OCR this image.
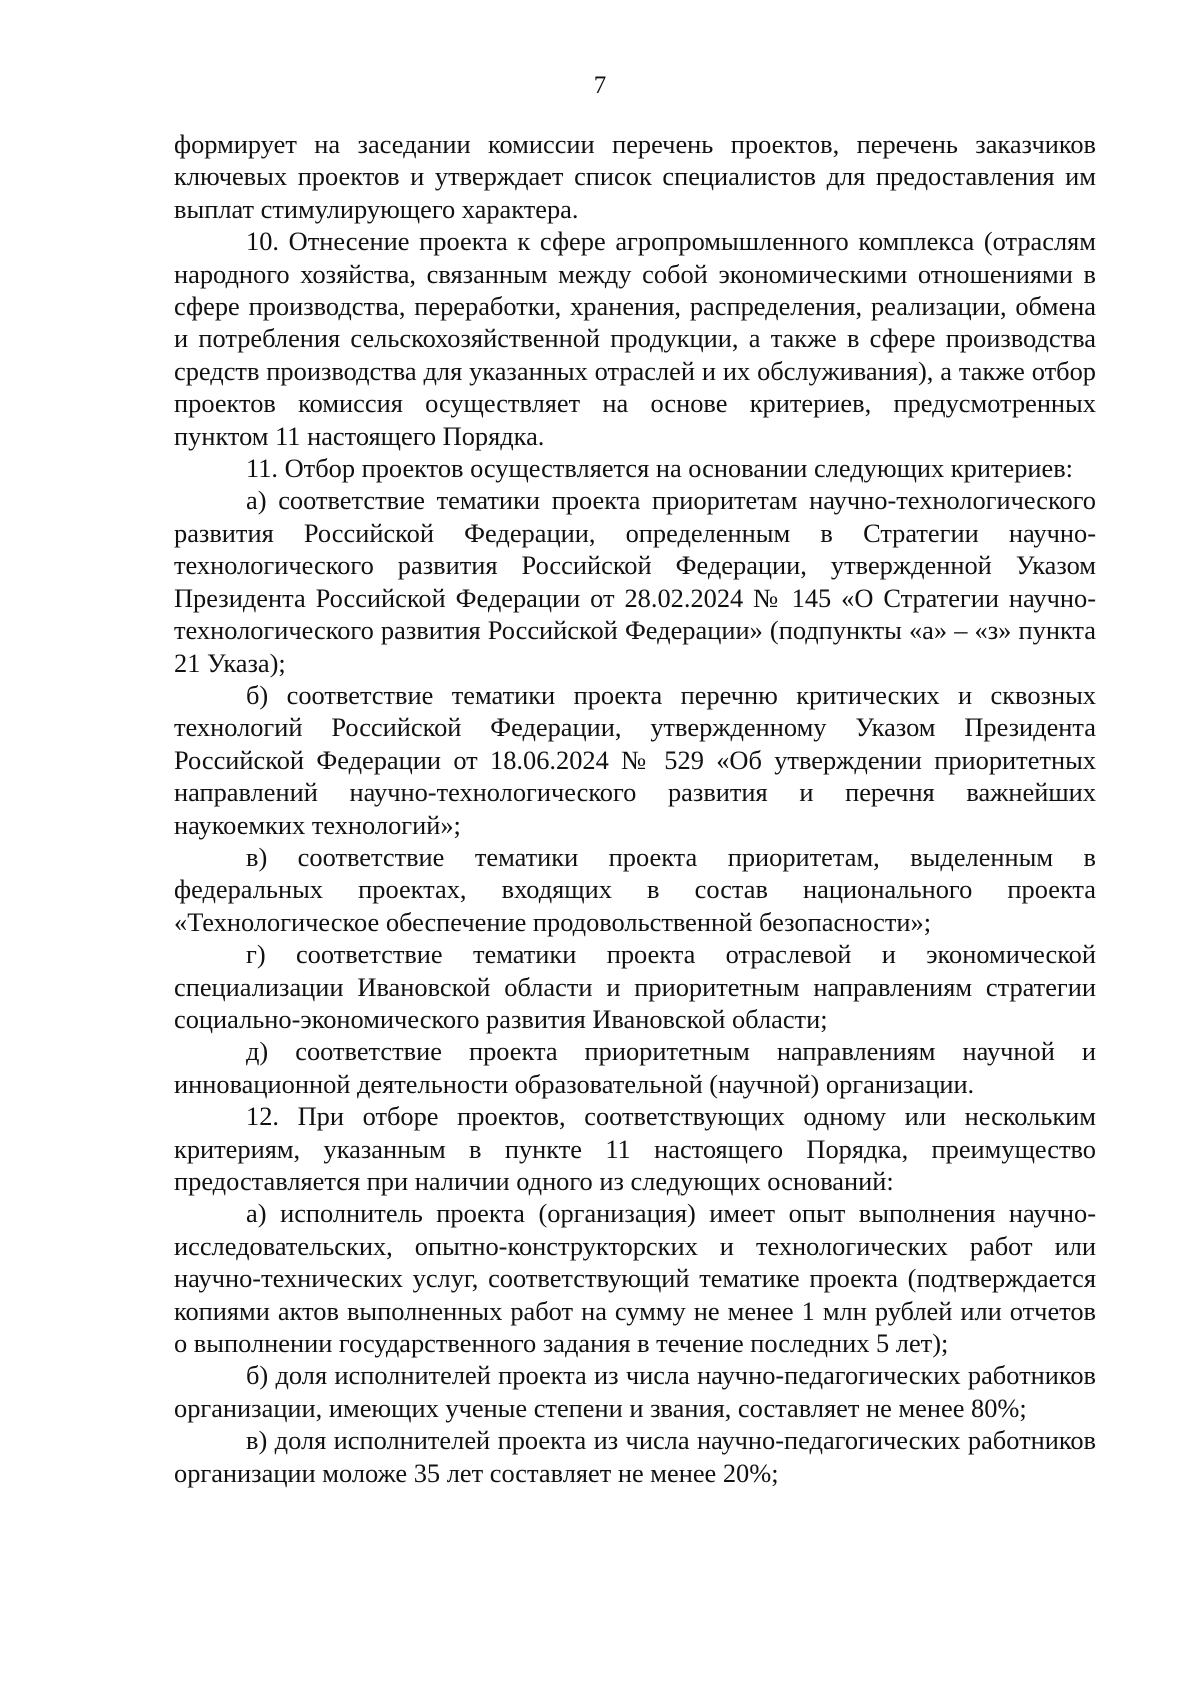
7

формирует на заседании комиссии перечень проектов, перечень заказчиков ключевых проектов и утверждает список специалистов для предоставления им выплат стимулирующего характера.

10. Отнесение проекта к сфере агропромышленного комплекса (отраслям народного хозяйства, связанным между собой экономическими отношениями в сфере производства, переработки, хранения, распределения, реализации, обмена и потребления сельскохозяйственной продукции, а также в сфере производства средств производства для указанных отраслей и их обслуживания), а также отбор проектов комиссия осуществляет на основе критериев, предусмотренных пунктом 11 настоящего Порядка.

11. Отбор проектов осуществляется на основании следующих критериев:

а) соответствие тематики проекта приоритетам научно-технологического развития Российской Федерации, определенным в Стратегии научно-технологического развития Российской Федерации, утвержденной Указом Президента Российской Федерации от 28.02.2024 № 145 «О Стратегии научно-технологического развития Российской Федерации» (подпункты «а» – «з» пункта 21 Указа);

б) соответствие тематики проекта перечню критических и сквозных технологий Российской Федерации, утвержденному Указом Президента Российской Федерации от 18.06.2024 № 529 «Об утверждении приоритетных направлений научно-технологического развития и перечня важнейших наукоемких технологий»;

в) соответствие тематики проекта приоритетам, выделенным в федеральных проектах, входящих в состав национального проекта «Технологическое обеспечение продовольственной безопасности»;

г) соответствие тематики проекта отраслевой и экономической специализации Ивановской области и приоритетным направлениям стратегии социально-экономического развития Ивановской области;

д) соответствие проекта приоритетным направлениям научной и инновационной деятельности образовательной (научной) организации.

12. При отборе проектов, соответствующих одному или нескольким критериям, указанным в пункте 11 настоящего Порядка, преимущество предоставляется при наличии одного из следующих оснований:

а) исполнитель проекта (организация) имеет опыт выполнения научно-исследовательских, опытно-конструкторских и технологических работ или научно-технических услуг, соответствующий тематике проекта (подтверждается копиями актов выполненных работ на сумму не менее 1 млн рублей или отчетов о выполнении государственного задания в течение последних 5 лет);

б) доля исполнителей проекта из числа научно-педагогических работников организации, имеющих ученые степени и звания, составляет не менее 80%;

в) доля исполнителей проекта из числа научно-педагогических работников организации моложе 35 лет составляет не менее 20%;
